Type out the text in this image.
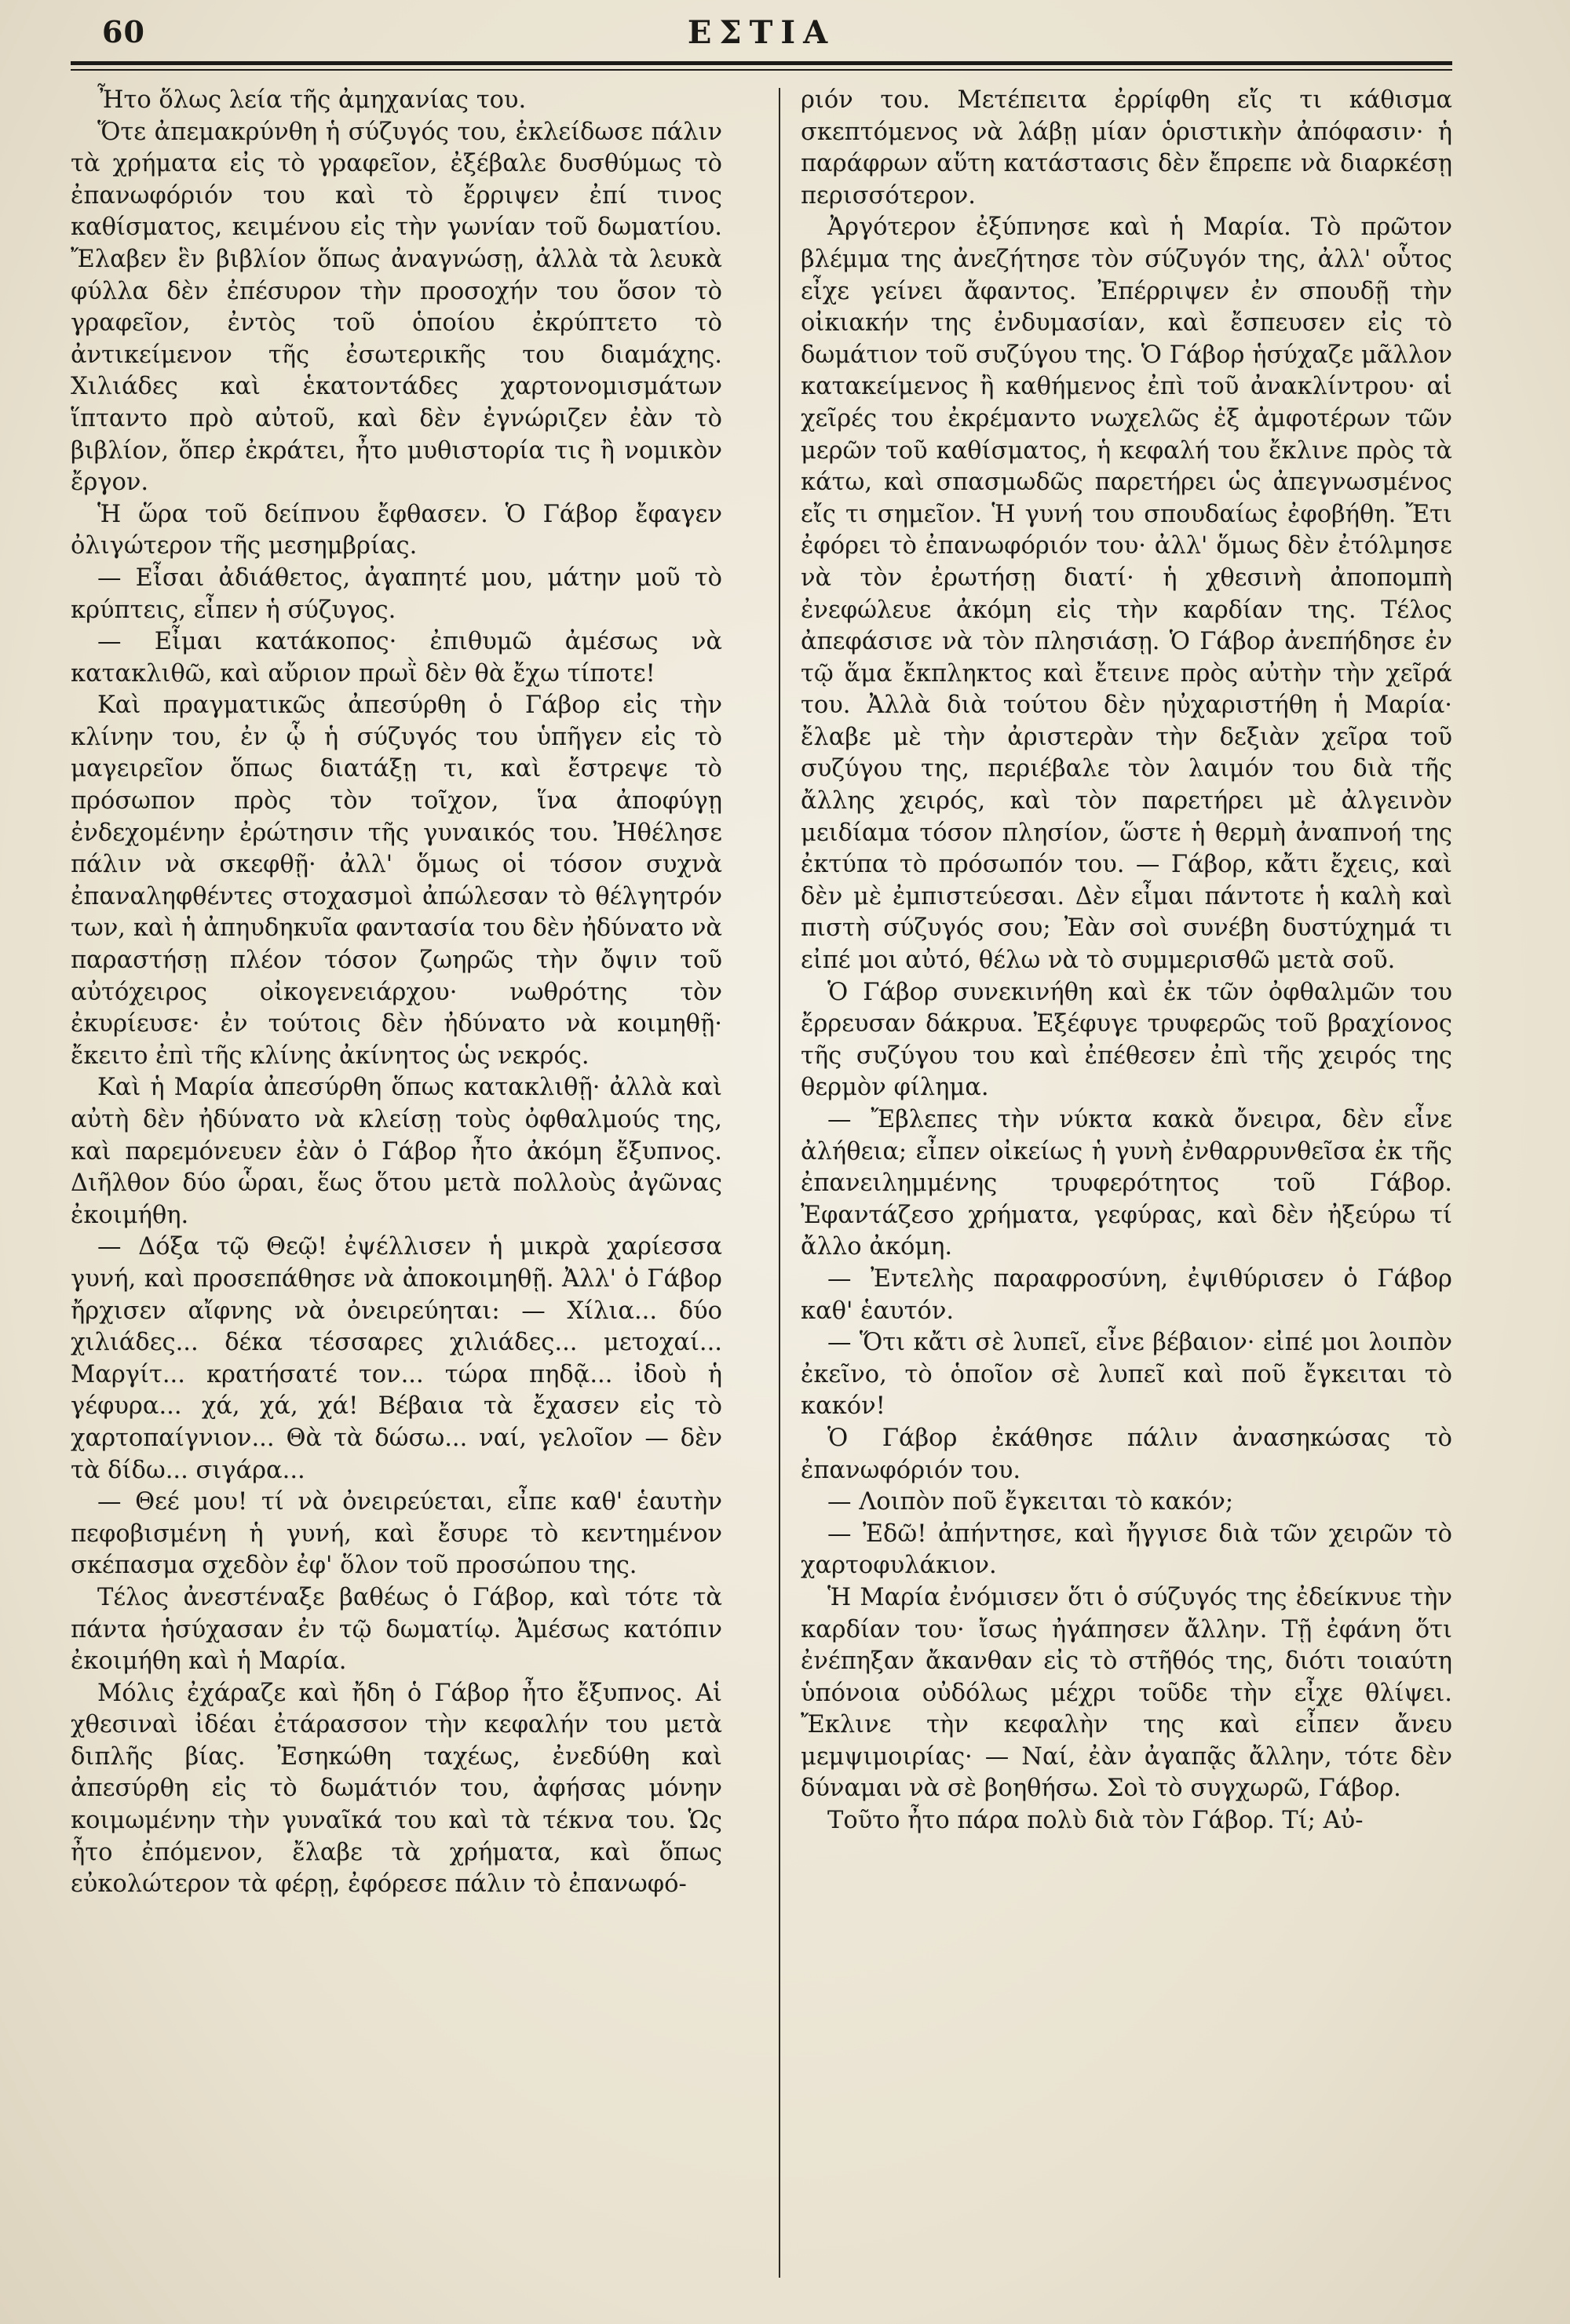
60	ΕΣΤΙΑ

Ἦτο ὅλως λεία τῆς ἀμηχανίας του.

Ὅτε ἀπεμακρύνθη ἡ σύζυγός του, ἐκλείδωσε πάλιν τὰ χρήματα εἰς τὸ γραφεῖον, ἐξέβαλε δυσθύμως τὸ ἐπανωφόριόν του καὶ τὸ ἔρριψεν ἐπί τινος καθίσματος, κειμένου εἰς τὴν γωνίαν τοῦ δωματίου. Ἔλαβεν ἓν βιβλίον ὅπως ἀναγνώσῃ, ἀλλὰ τὰ λευκὰ φύλλα δὲν ἐπέσυρον τὴν προσοχήν του ὅσον τὸ γραφεῖον, ἐντὸς τοῦ ὁποίου ἐκρύπτετο τὸ ἀντικείμενον τῆς ἐσωτερικῆς του διαμάχης. Χιλιάδες καὶ ἑκατοντάδες χαρτονομισμάτων ἵπταντο πρὸ αὐτοῦ, καὶ δὲν ἐγνώριζεν ἐὰν τὸ βιβλίον, ὅπερ ἐκράτει, ἦτο μυθιστορία τις ἢ νομικὸν ἔργον.

Ἡ ὥρα τοῦ δείπνου ἔφθασεν. Ὁ Γάβορ ἔφαγεν ὀλιγώτερον τῆς μεσημβρίας.

— Εἶσαι ἀδιάθετος, ἀγαπητέ μου, μάτην μοῦ τὸ κρύπτεις, εἶπεν ἡ σύζυγος.

— Εἶμαι κατάκοπος· ἐπιθυμῶ ἀμέσως νὰ κατακλιθῶ, καὶ αὔριον πρωῒ δὲν θὰ ἔχω τίποτε!

Καὶ πραγματικῶς ἀπεσύρθη ὁ Γάβορ εἰς τὴν κλίνην του, ἐν ᾧ ἡ σύζυγός του ὑπῆγεν εἰς τὸ μαγειρεῖον ὅπως διατάξῃ τι, καὶ ἔστρεψε τὸ πρόσωπον πρὸς τὸν τοῖχον, ἵνα ἀποφύγῃ ἐνδεχομένην ἐρώτησιν τῆς γυναικός του. Ἠθέλησε πάλιν νὰ σκεφθῇ· ἀλλ' ὅμως οἱ τόσον συχνὰ ἐπαναληφθέντες στοχασμοὶ ἀπώλεσαν τὸ θέλγητρόν των, καὶ ἡ ἀπηυδηκυῖα φαντασία του δὲν ἠδύνατο νὰ παραστήσῃ πλέον τόσον ζωηρῶς τὴν ὄψιν τοῦ αὐτόχειρος οἰκογενειάρχου· νωθρότης τὸν ἐκυρίευσε· ἐν τούτοις δὲν ἠδύνατο νὰ κοιμηθῇ· ἔκειτο ἐπὶ τῆς κλίνης ἀκίνητος ὡς νεκρός.

Καὶ ἡ Μαρία ἀπεσύρθη ὅπως κατακλιθῇ· ἀλλὰ καὶ αὐτὴ δὲν ἠδύνατο νὰ κλείσῃ τοὺς ὀφθαλμούς της, καὶ παρεμόνευεν ἐὰν ὁ Γάβορ ἦτο ἀκόμη ἔξυπνος. Διῆλθον δύο ὧραι, ἕως ὅτου μετὰ πολλοὺς ἀγῶνας ἐκοιμήθη.

— Δόξα τῷ Θεῷ! ἐψέλλισεν ἡ μικρὰ χαρίεσσα γυνή, καὶ προσεπάθησε νὰ ἀποκοιμηθῇ. Ἀλλ' ὁ Γάβορ ἤρχισεν αἴφνης νὰ ὀνειρεύηται: — Χίλια... δύο χιλιάδες... δέκα τέσσαρες χιλιάδες... μετοχαί... Μαργίτ... κρατήσατέ τον... τώρα πηδᾷ... ἰδοὺ ἡ γέφυρα... χά, χά, χά! Βέβαια τὰ ἔχασεν εἰς τὸ χαρτοπαίγνιον... Θὰ τὰ δώσω... ναί, γελοῖον — δὲν τὰ δίδω... σιγάρα...

— Θεέ μου! τί νὰ ὀνειρεύεται, εἶπε καθ' ἑαυτὴν πεφοβισμένη ἡ γυνή, καὶ ἔσυρε τὸ κεντημένον σκέπασμα σχεδὸν ἐφ' ὅλον τοῦ προσώπου της.

Τέλος ἀνεστέναξε βαθέως ὁ Γάβορ, καὶ τότε τὰ πάντα ἡσύχασαν ἐν τῷ δωματίῳ. Ἀμέσως κατόπιν ἐκοιμήθη καὶ ἡ Μαρία.

Μόλις ἐχάραζε καὶ ἤδη ὁ Γάβορ ἦτο ἔξυπνος. Αἱ χθεσιναὶ ἰδέαι ἐτάρασσον τὴν κεφαλήν του μετὰ διπλῆς βίας. Ἐσηκώθη ταχέως, ἐνεδύθη καὶ ἀπεσύρθη εἰς τὸ δωμάτιόν του, ἀφήσας μόνην κοιμωμένην τὴν γυναῖκά του καὶ τὰ τέκνα του. Ὡς ἦτο ἐπόμενον, ἔλαβε τὰ χρήματα, καὶ ὅπως εὐκολώτερον τὰ φέρῃ, ἐφόρεσε πάλιν τὸ ἐπανωφό-

ριόν του. Μετέπειτα ἐρρίφθη εἴς τι κάθισμα σκεπτόμενος νὰ λάβῃ μίαν ὁριστικὴν ἀπόφασιν· ἡ παράφρων αὕτη κατάστασις δὲν ἔπρεπε νὰ διαρκέσῃ περισσότερον.

Ἀργότερον ἐξύπνησε καὶ ἡ Μαρία. Τὸ πρῶτον βλέμμα της ἀνεζήτησε τὸν σύζυγόν της, ἀλλ' οὗτος εἶχε γείνει ἄφαντος. Ἐπέρριψεν ἐν σπουδῇ τὴν οἰκιακήν της ἐνδυμασίαν, καὶ ἔσπευσεν εἰς τὸ δωμάτιον τοῦ συζύγου της. Ὁ Γάβορ ἡσύχαζε μᾶλλον κατακείμενος ἢ καθήμενος ἐπὶ τοῦ ἀνακλίντρου· αἱ χεῖρές του ἐκρέμαντο νωχελῶς ἐξ ἀμφοτέρων τῶν μερῶν τοῦ καθίσματος, ἡ κεφαλή του ἔκλινε πρὸς τὰ κάτω, καὶ σπασμωδῶς παρετήρει ὡς ἀπεγνωσμένος εἴς τι σημεῖον. Ἡ γυνή του σπουδαίως ἐφοβήθη. Ἔτι ἐφόρει τὸ ἐπανωφόριόν του· ἀλλ' ὅμως δὲν ἐτόλμησε νὰ τὸν ἐρωτήσῃ διατί· ἡ χθεσινὴ ἀποπομπὴ ἐνεφώλευε ἀκόμη εἰς τὴν καρδίαν της. Τέλος ἀπεφάσισε νὰ τὸν πλησιάσῃ. Ὁ Γάβορ ἀνεπήδησε ἐν τῷ ἅμα ἔκπληκτος καὶ ἔτεινε πρὸς αὐτὴν τὴν χεῖρά του. Ἀλλὰ διὰ τούτου δὲν ηὐχαριστήθη ἡ Μαρία· ἔλαβε μὲ τὴν ἀριστερὰν τὴν δεξιὰν χεῖρα τοῦ συζύγου της, περιέβαλε τὸν λαιμόν του διὰ τῆς ἄλλης χειρός, καὶ τὸν παρετήρει μὲ ἀλγεινὸν μειδίαμα τόσον πλησίον, ὥστε ἡ θερμὴ ἀναπνοή της ἐκτύπα τὸ πρόσωπόν του. — Γάβορ, κἄτι ἔχεις, καὶ δὲν μὲ ἐμπιστεύεσαι. Δὲν εἶμαι πάντοτε ἡ καλὴ καὶ πιστὴ σύζυγός σου; Ἐὰν σοὶ συνέβη δυστύχημά τι εἰπέ μοι αὐτό, θέλω νὰ τὸ συμμερισθῶ μετὰ σοῦ.

Ὁ Γάβορ συνεκινήθη καὶ ἐκ τῶν ὀφθαλμῶν του ἔρρευσαν δάκρυα. Ἐξέφυγε τρυφερῶς τοῦ βραχίονος τῆς συζύγου του καὶ ἐπέθεσεν ἐπὶ τῆς χειρός της θερμὸν φίλημα.

— Ἔβλεπες τὴν νύκτα κακὰ ὄνειρα, δὲν εἶνε ἀλήθεια; εἶπεν οἰκείως ἡ γυνὴ ἐνθαρρυνθεῖσα ἐκ τῆς ἐπανειλημμένης τρυφερότητος τοῦ Γάβορ. Ἐφαντάζεσο χρήματα, γεφύρας, καὶ δὲν ἠξεύρω τί ἄλλο ἀκόμη.

— Ἐντελὴς παραφροσύνη, ἐψιθύρισεν ὁ Γάβορ καθ' ἑαυτόν.

— Ὅτι κἄτι σὲ λυπεῖ, εἶνε βέβαιον· εἰπέ μοι λοιπὸν ἐκεῖνο, τὸ ὁποῖον σὲ λυπεῖ καὶ ποῦ ἔγκειται τὸ κακόν!

Ὁ Γάβορ ἐκάθησε πάλιν ἀνασηκώσας τὸ ἐπανωφόριόν του.

— Λοιπὸν ποῦ ἔγκειται τὸ κακόν;

— Ἐδῶ! ἀπήντησε, καὶ ἤγγισε διὰ τῶν χειρῶν τὸ χαρτοφυλάκιον.

Ἡ Μαρία ἐνόμισεν ὅτι ὁ σύζυγός της ἐδείκνυε τὴν καρδίαν του· ἴσως ἠγάπησεν ἄλλην. Τῇ ἐφάνη ὅτι ἐνέπηξαν ἄκανθαν εἰς τὸ στῆθός της, διότι τοιαύτη ὑπόνοια οὐδόλως μέχρι τοῦδε τὴν εἶχε θλίψει. Ἔκλινε τὴν κεφαλὴν της καὶ εἶπεν ἄνευ μεμψιμοιρίας· — Ναί, ἐὰν ἀγαπᾷς ἄλλην, τότε δὲν δύναμαι νὰ σὲ βοηθήσω. Σοὶ τὸ συγχωρῶ, Γάβορ.

Τοῦτο ἦτο πάρα πολὺ διὰ τὸν Γάβορ. Τί; Αὐ-
